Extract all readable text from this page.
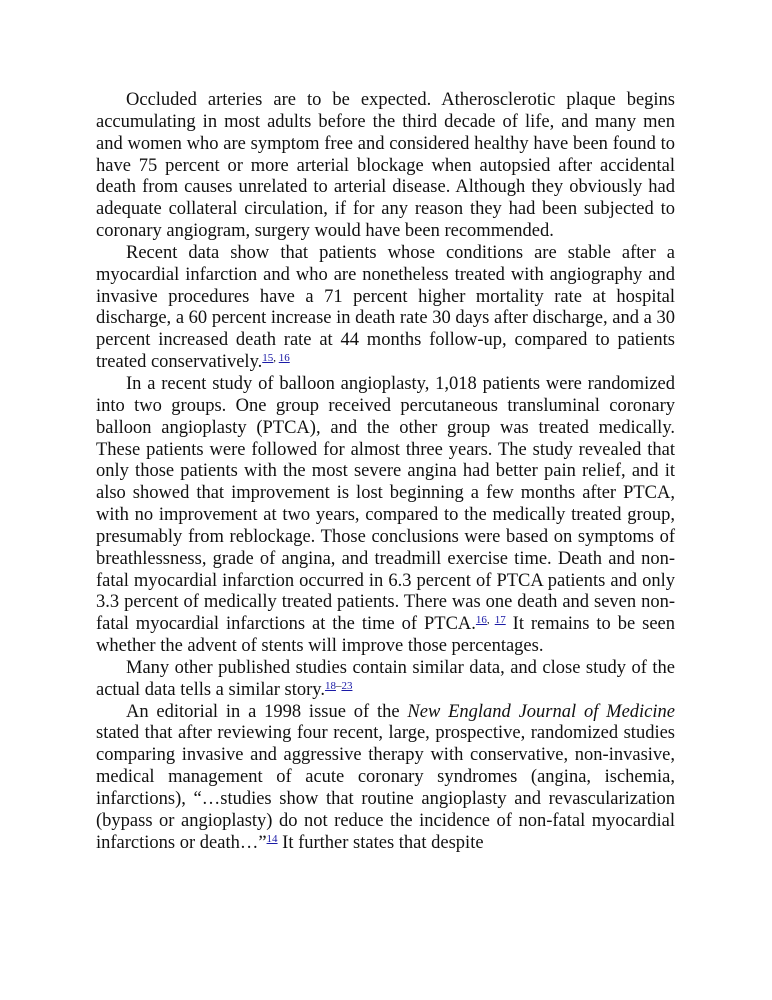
Occluded arteries are to be expected. Atherosclerotic plaque begins accumulating in most adults before the third decade of life, and many men and women who are symptom free and considered healthy have been found to have 75 percent or more arterial blockage when autopsied after accidental death from causes unrelated to arterial disease. Although they obviously had adequate collateral circulation, if for any reason they had been subjected to coronary angiogram, surgery would have been recommended.

Recent data show that patients whose conditions are stable after a myocardial infarction and who are nonetheless treated with angiography and invasive procedures have a 71 percent higher mortality rate at hospital discharge, a 60 percent increase in death rate 30 days after discharge, and a 30 percent increased death rate at 44 months follow-up, compared to patients treated conservatively.$^{15, 16}$

In a recent study of balloon angioplasty, 1,018 patients were randomized into two groups. One group received percutaneous transluminal coronary balloon angioplasty (PTCA), and the other group was treated medically. These patients were followed for almost three years. The study revealed that only those patients with the most severe angina had better pain relief, and it also showed that improvement is lost beginning a few months after PTCA, with no improvement at two years, compared to the medically treated group, presumably from reblockage. Those conclusions were based on symptoms of breathlessness, grade of angina, and treadmill exercise time. Death and non-fatal myocardial infarction occurred in 6.3 percent of PTCA patients and only 3.3 percent of medically treated patients. There was one death and seven non-fatal myocardial infarctions at the time of PTCA.$^{16, 17}$ It remains to be seen whether the advent of stents will improve those percentages.

Many other published studies contain similar data, and close study of the actual data tells a similar story.$^{18-23}$

An editorial in a 1998 issue of the New England Journal of Medicine stated that after reviewing four recent, large, prospective, randomized studies comparing invasive and aggressive therapy with conservative, non-invasive, medical management of acute coronary syndromes (angina, ischemia, infarctions), “…studies show that routine angioplasty and revascularization (bypass or angioplasty) do not reduce the incidence of non-fatal myocardial infarctions or death…”$^{14}$ It further states that despite
